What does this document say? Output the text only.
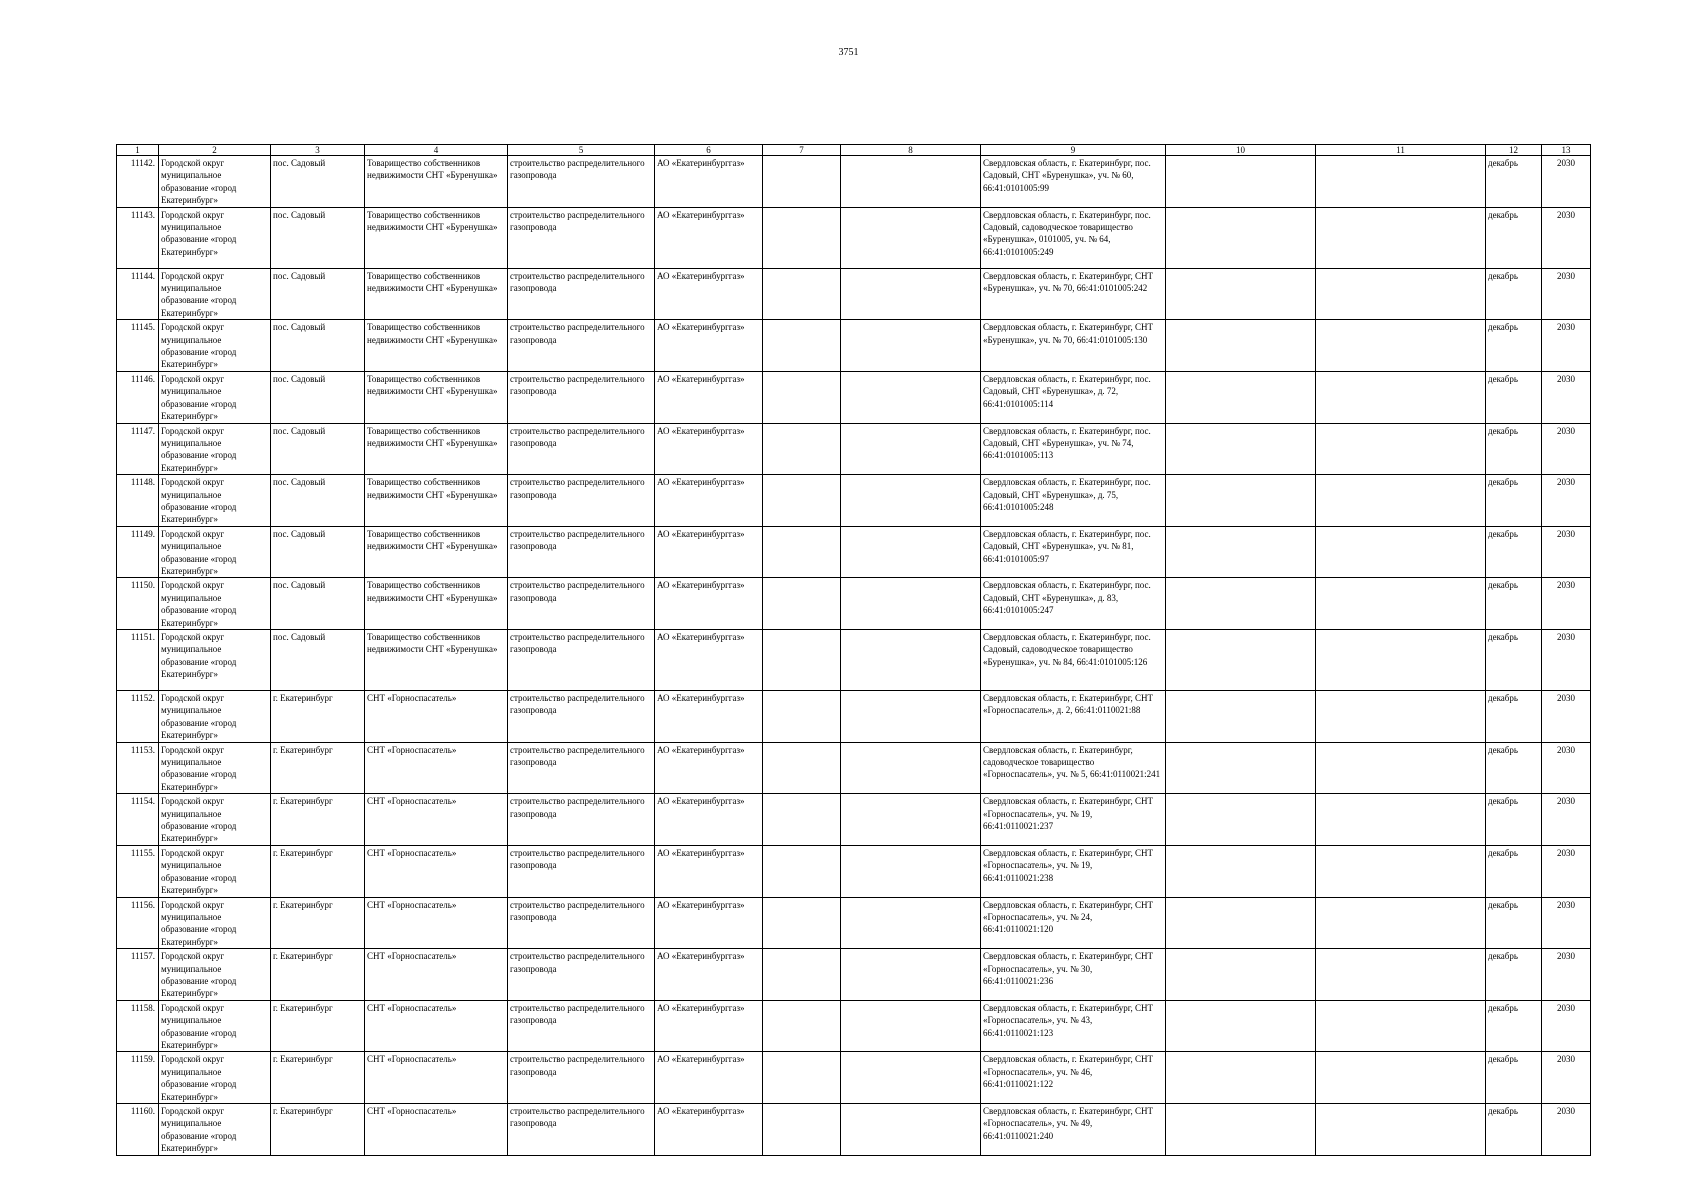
3751
1	2	3	4	5	6	7	8	9	10	11	12	13
11142.	Городской округ муниципальное образование «город Екатеринбург»	пос. Садовый	Товарищество собственников недвижимости СНТ «Буренушка»	строительство распределительного газопровода	АО «Екатеринбурггаз»			Свердловская область, г. Екатеринбург, пос. Садовый, СНТ «Буренушка», уч. № 60, 66:41:0101005:99			декабрь	2030
11143.	Городской округ муниципальное образование «город Екатеринбург»	пос. Садовый	Товарищество собственников недвижимости СНТ «Буренушка»	строительство распределительного газопровода	АО «Екатеринбурггаз»			Свердловская область, г. Екатеринбург, пос. Садовый, садоводческое товарищество «Буренушка», 0101005, уч. № 64, 66:41:0101005:249			декабрь	2030
11144.	Городской округ муниципальное образование «город Екатеринбург»	пос. Садовый	Товарищество собственников недвижимости СНТ «Буренушка»	строительство распределительного газопровода	АО «Екатеринбурггаз»			Свердловская область, г. Екатеринбург, СНТ «Буренушка», уч. № 70, 66:41:0101005:242			декабрь	2030
11145.	Городской округ муниципальное образование «город Екатеринбург»	пос. Садовый	Товарищество собственников недвижимости СНТ «Буренушка»	строительство распределительного газопровода	АО «Екатеринбурггаз»			Свердловская область, г. Екатеринбург, СНТ «Буренушка», уч. № 70, 66:41:0101005:130			декабрь	2030
11146.	Городской округ муниципальное образование «город Екатеринбург»	пос. Садовый	Товарищество собственников недвижимости СНТ «Буренушка»	строительство распределительного газопровода	АО «Екатеринбурггаз»			Свердловская область, г. Екатеринбург, пос. Садовый, СНТ «Буренушка», д. 72, 66:41:0101005:114			декабрь	2030
11147.	Городской округ муниципальное образование «город Екатеринбург»	пос. Садовый	Товарищество собственников недвижимости СНТ «Буренушка»	строительство распределительного газопровода	АО «Екатеринбурггаз»			Свердловская область, г. Екатеринбург, пос. Садовый, СНТ «Буренушка», уч. № 74, 66:41:0101005:113			декабрь	2030
11148.	Городской округ муниципальное образование «город Екатеринбург»	пос. Садовый	Товарищество собственников недвижимости СНТ «Буренушка»	строительство распределительного газопровода	АО «Екатеринбурггаз»			Свердловская область, г. Екатеринбург, пос. Садовый, СНТ «Буренушка», д. 75, 66:41:0101005:248			декабрь	2030
11149.	Городской округ муниципальное образование «город Екатеринбург»	пос. Садовый	Товарищество собственников недвижимости СНТ «Буренушка»	строительство распределительного газопровода	АО «Екатеринбурггаз»			Свердловская область, г. Екатеринбург, пос. Садовый, СНТ «Буренушка», уч. № 81, 66:41:0101005:97			декабрь	2030
11150.	Городской округ муниципальное образование «город Екатеринбург»	пос. Садовый	Товарищество собственников недвижимости СНТ «Буренушка»	строительство распределительного газопровода	АО «Екатеринбурггаз»			Свердловская область, г. Екатеринбург, пос. Садовый, СНТ «Буренушка», д. 83, 66:41:0101005:247			декабрь	2030
11151.	Городской округ муниципальное образование «город Екатеринбург»	пос. Садовый	Товарищество собственников недвижимости СНТ «Буренушка»	строительство распределительного газопровода	АО «Екатеринбурггаз»			Свердловская область, г. Екатеринбург, пос. Садовый, садоводческое товарищество «Буренушка», уч. № 84, 66:41:0101005:126			декабрь	2030
11152.	Городской округ муниципальное образование «город Екатеринбург»	г. Екатеринбург	СНТ «Горноспасатель»	строительство распределительного газопровода	АО «Екатеринбурггаз»			Свердловская область, г. Екатеринбург, СНТ «Горноспасатель», д. 2, 66:41:0110021:88			декабрь	2030
11153.	Городской округ муниципальное образование «город Екатеринбург»	г. Екатеринбург	СНТ «Горноспасатель»	строительство распределительного газопровода	АО «Екатеринбурггаз»			Свердловская область, г. Екатеринбург, садоводческое товарищество «Горноспасатель», уч. № 5, 66:41:0110021:241			декабрь	2030
11154.	Городской округ муниципальное образование «город Екатеринбург»	г. Екатеринбург	СНТ «Горноспасатель»	строительство распределительного газопровода	АО «Екатеринбурггаз»			Свердловская область, г. Екатеринбург, СНТ «Горноспасатель», уч. № 19, 66:41:0110021:237			декабрь	2030
11155.	Городской округ муниципальное образование «город Екатеринбург»	г. Екатеринбург	СНТ «Горноспасатель»	строительство распределительного газопровода	АО «Екатеринбурггаз»			Свердловская область, г. Екатеринбург, СНТ «Горноспасатель», уч. № 19, 66:41:0110021:238			декабрь	2030
11156.	Городской округ муниципальное образование «город Екатеринбург»	г. Екатеринбург	СНТ «Горноспасатель»	строительство распределительного газопровода	АО «Екатеринбурггаз»			Свердловская область, г. Екатеринбург, СНТ «Горноспасатель», уч. № 24, 66:41:0110021:120			декабрь	2030
11157.	Городской округ муниципальное образование «город Екатеринбург»	г. Екатеринбург	СНТ «Горноспасатель»	строительство распределительного газопровода	АО «Екатеринбурггаз»			Свердловская область, г. Екатеринбург, СНТ «Горноспасатель», уч. № 30, 66:41:0110021:236			декабрь	2030
11158.	Городской округ муниципальное образование «город Екатеринбург»	г. Екатеринбург	СНТ «Горноспасатель»	строительство распределительного газопровода	АО «Екатеринбурггаз»			Свердловская область, г. Екатеринбург, СНТ «Горноспасатель», уч. № 43, 66:41:0110021:123			декабрь	2030
11159.	Городской округ муниципальное образование «город Екатеринбург»	г. Екатеринбург	СНТ «Горноспасатель»	строительство распределительного газопровода	АО «Екатеринбурггаз»			Свердловская область, г. Екатеринбург, СНТ «Горноспасатель», уч. № 46, 66:41:0110021:122			декабрь	2030
11160.	Городской округ муниципальное образование «город Екатеринбург»	г. Екатеринбург	СНТ «Горноспасатель»	строительство распределительного газопровода	АО «Екатеринбурггаз»			Свердловская область, г. Екатеринбург, СНТ «Горноспасатель», уч. № 49, 66:41:0110021:240			декабрь	2030
